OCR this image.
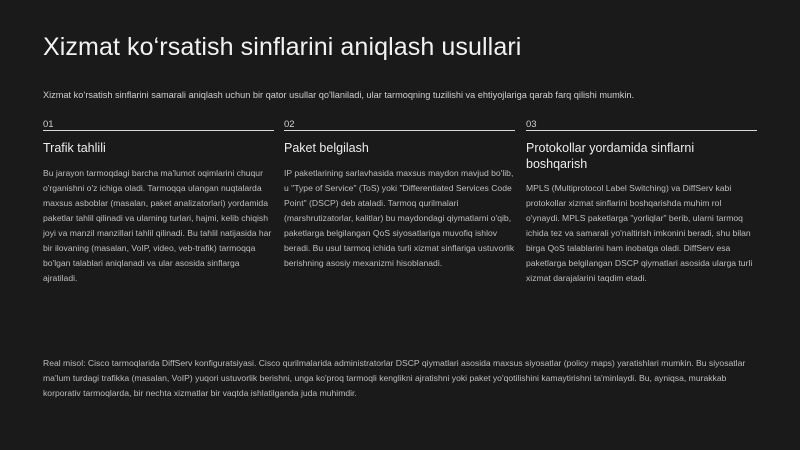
Xizmat ko‘rsatish sinflarini aniqlash usullari
Xizmat ko‘rsatish sinflarini samarali aniqlash uchun bir qator usullar qo'llaniladi, ular tarmoqning tuzilishi va ehtiyojlariga qarab farq qilishi mumkin.
01
Trafik tahlili
Bu jarayon tarmoqdagi barcha ma'lumot oqimlarini chuqur o'rganishni o'z ichiga oladi. Tarmoqqa ulangan nuqtalarda maxsus asboblar (masalan, paket analizatorlari) yordamida paketlar tahlil qilinadi va ularning turlari, hajmi, kelib chiqish joyi va manzil manzillari tahlil qilinadi. Bu tahlil natijasida har bir ilovaning (masalan, VoIP, video, veb-trafik) tarmoqqa bo'lgan talablari aniqlanadi va ular asosida sinflarga ajratiladi.
02
Paket belgilash
IP paketlarining sarlavhasida maxsus maydon mavjud bo'lib, u "Type of Service" (ToS) yoki "Differentiated Services Code Point" (DSCP) deb ataladi. Tarmoq qurilmalari (marshrutizatorlar, kalitlar) bu maydondagi qiymatlarni o'qib, paketlarga belgilangan QoS siyosatlariga muvofiq ishlov beradi. Bu usul tarmoq ichida turli xizmat sinflariga ustuvorlik berishning asosiy mexanizmi hisoblanadi.
03
Protokollar yordamida sinflarni boshqarish
MPLS (Multiprotocol Label Switching) va DiffServ kabi protokollar xizmat sinflarini boshqarishda muhim rol o'ynaydi. MPLS paketlarga "yorliqlar" berib, ularni tarmoq ichida tez va samarali yo'naltirish imkonini beradi, shu bilan birga QoS talablarini ham inobatga oladi. DiffServ esa paketlarga belgilangan DSCP qiymatlari asosida ularga turli xizmat darajalarini taqdim etadi.
Real misol: Cisco tarmoqlarida DiffServ konfiguratsiyasi. Cisco qurilmalarida administratorlar DSCP qiymatlari asosida maxsus siyosatlar (policy maps) yaratishlari mumkin. Bu siyosatlar ma'lum turdagi trafikka (masalan, VoIP) yuqori ustuvorlik berishni, unga ko'proq tarmoqli kenglikni ajratishni yoki paket yo'qotilishini kamaytirishni ta'minlaydi. Bu, ayniqsa, murakkab korporativ tarmoqlarda, bir nechta xizmatlar bir vaqtda ishlatilganda juda muhimdir.
